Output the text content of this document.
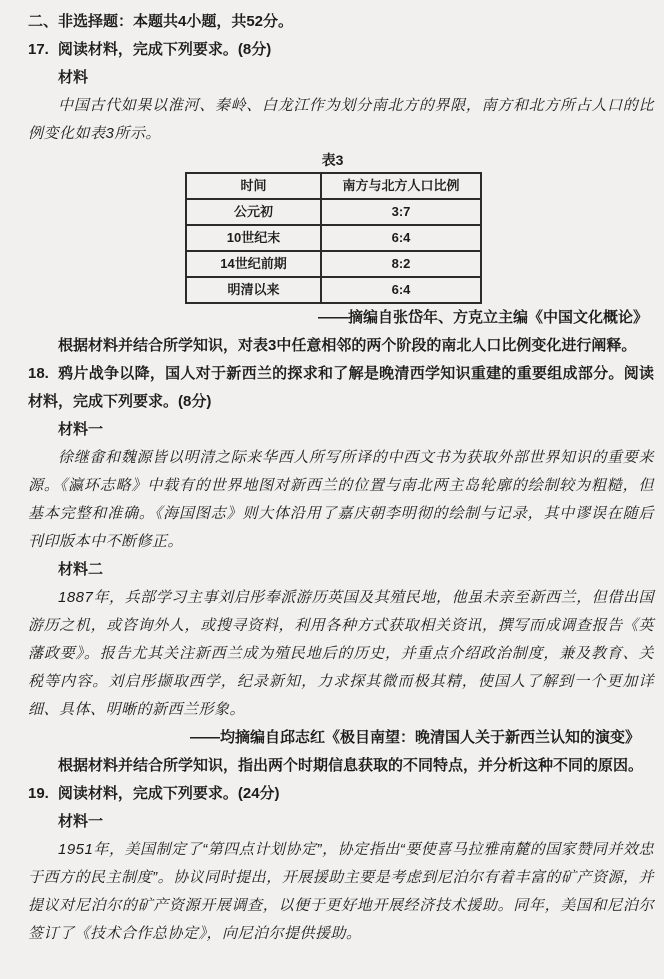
二、非选择题：本题共4小题，共52分。
17. 阅读材料，完成下列要求。(8分)
材料
中国古代如果以淮河、秦岭、白龙江作为划分南北方的界限，南方和北方所占人口的比例变化如表3所示。
表3
时间	南方与北方人口比例
公元初	3:7
10世纪末	6:4
14世纪前期	8:2
明清以来	6:4
——摘编自张岱年、方克立主编《中国文化概论》
根据材料并结合所学知识，对表3中任意相邻的两个阶段的南北人口比例变化进行阐释。
18. 鸦片战争以降，国人对于新西兰的探求和了解是晚清西学知识重建的重要组成部分。阅读材料，完成下列要求。(8分)
材料一
徐继畬和魏源皆以明清之际来华西人所写所译的中西文书为获取外部世界知识的重要来源。《瀛环志略》中载有的世界地图对新西兰的位置与南北两主岛轮廓的绘制较为粗糙，但基本完整和准确。《海国图志》则大体沿用了嘉庆朝李明彻的绘制与记录，其中谬误在随后刊印版本中不断修正。
材料二
1887年，兵部学习主事刘启彤奉派游历英国及其殖民地，他虽未亲至新西兰，但借出国游历之机，或咨询外人，或搜寻资料，利用各种方式获取相关资讯，撰写而成调查报告《英藩政要》。报告尤其关注新西兰成为殖民地后的历史，并重点介绍政治制度，兼及教育、关税等内容。刘启彤撷取西学，纪录新知，力求探其微而极其精，使国人了解到一个更加详细、具体、明晰的新西兰形象。
——均摘编自邱志红《极目南望：晚清国人关于新西兰认知的演变》
根据材料并结合所学知识，指出两个时期信息获取的不同特点，并分析这种不同的原因。
19. 阅读材料，完成下列要求。(24分)
材料一
1951年，美国制定了“第四点计划协定”，协定指出“要使喜马拉雅南麓的国家赞同并效忠于西方的民主制度”。协议同时提出，开展援助主要是考虑到尼泊尔有着丰富的矿产资源，并提议对尼泊尔的矿产资源开展调查，以便于更好地开展经济技术援助。同年，美国和尼泊尔签订了《技术合作总协定》，向尼泊尔提供援助。
